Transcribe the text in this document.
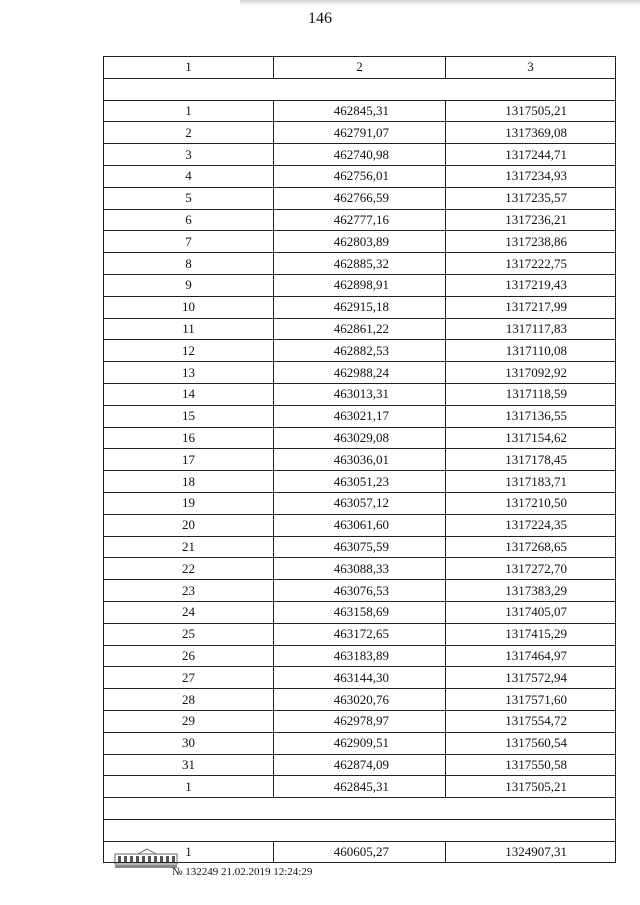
146
1	2	3

1	462845,31	1317505,21
2	462791,07	1317369,08
3	462740,98	1317244,71
4	462756,01	1317234,93
5	462766,59	1317235,57
6	462777,16	1317236,21
7	462803,89	1317238,86
8	462885,32	1317222,75
9	462898,91	1317219,43
10	462915,18	1317217,99
11	462861,22	1317117,83
12	462882,53	1317110,08
13	462988,24	1317092,92
14	463013,31	1317118,59
15	463021,17	1317136,55
16	463029,08	1317154,62
17	463036,01	1317178,45
18	463051,23	1317183,71
19	463057,12	1317210,50
20	463061,60	1317224,35
21	463075,59	1317268,65
22	463088,33	1317272,70
23	463076,53	1317383,29
24	463158,69	1317405,07
25	463172,65	1317415,29
26	463183,89	1317464,97
27	463144,30	1317572,94
28	463020,76	1317571,60
29	462978,97	1317554,72
30	462909,51	1317560,54
31	462874,09	1317550,58
1	462845,31	1317505,21

1	460605,27	1324907,31
№ 132249 21.02.2019 12:24:29
